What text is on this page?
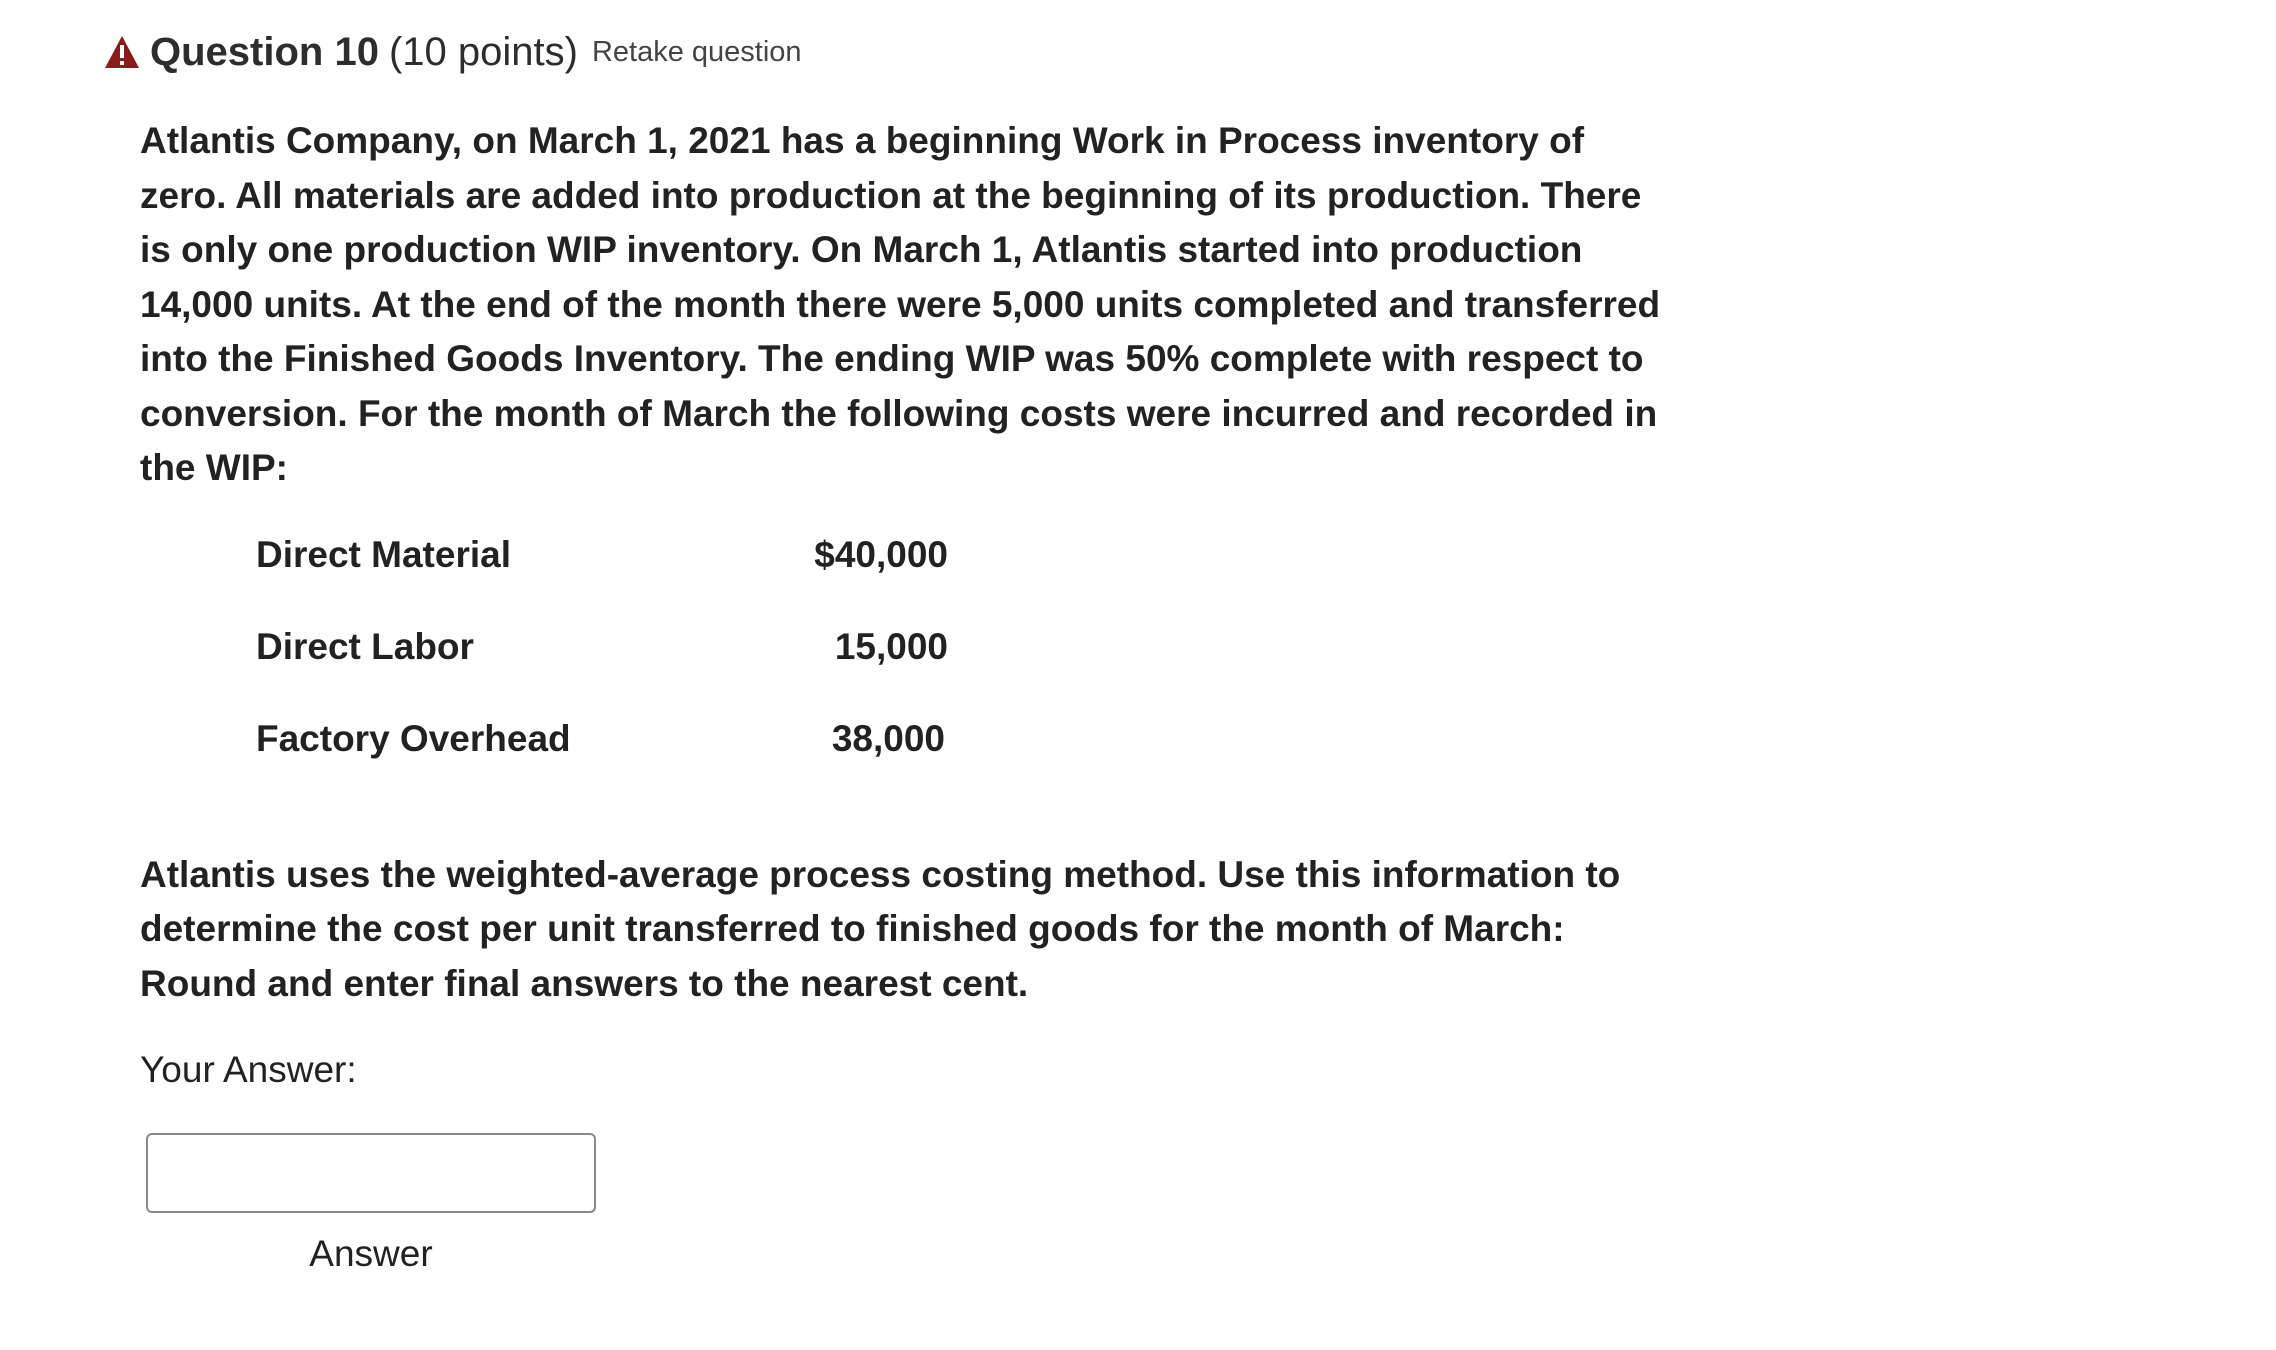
Question 10 (10 points) Retake question

Atlantis Company, on March 1, 2021 has a beginning Work in Process inventory of zero. All materials are added into production at the beginning of its production. There is only one production WIP inventory. On March 1, Atlantis started into production 14,000 units. At the end of the month there were 5,000 units completed and transferred into the Finished Goods Inventory. The ending WIP was 50% complete with respect to conversion. For the month of March the following costs were incurred and recorded in the WIP:

Direct Material	$40,000
Direct Labor	15,000
Factory Overhead	38,000

Atlantis uses the weighted-average process costing method. Use this information to determine the cost per unit transferred to finished goods for the month of March: Round and enter final answers to the nearest cent.

Your Answer:
Answer
